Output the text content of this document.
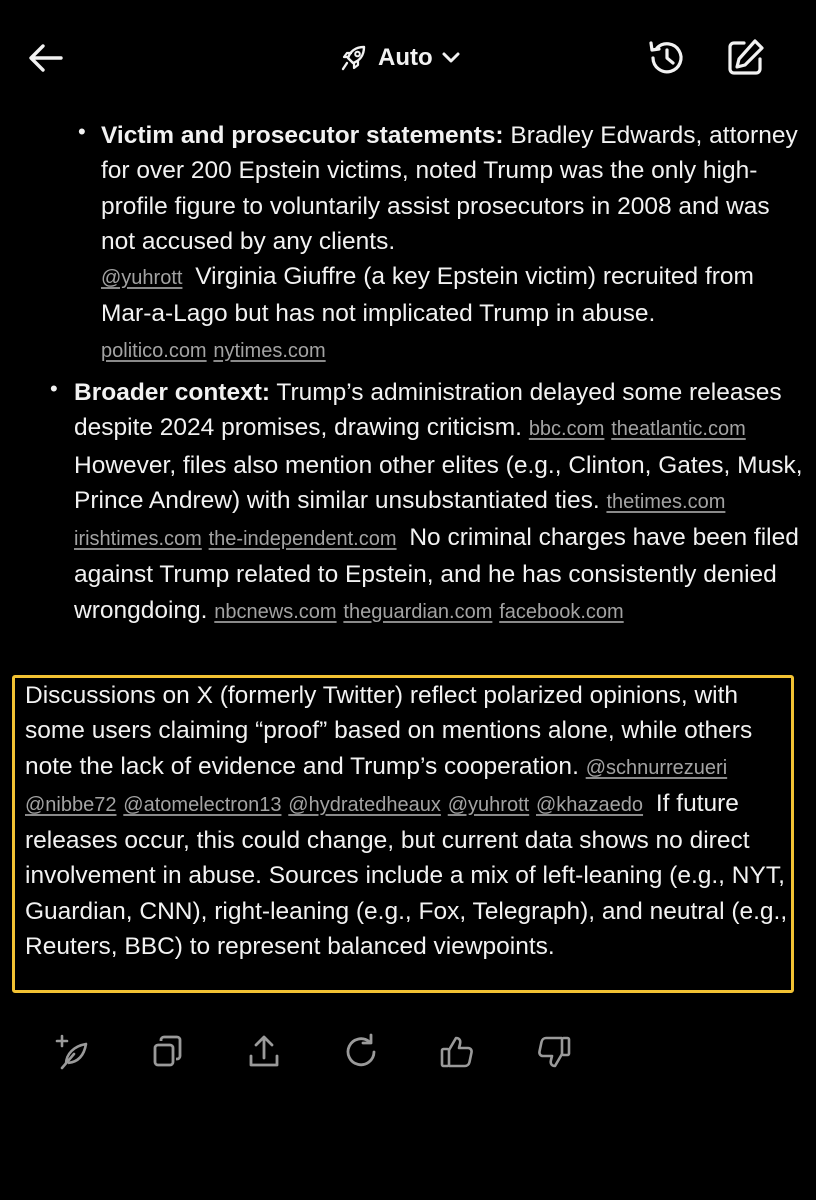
Auto
• Victim and prosecutor statements: Bradley Edwards, attorney for over 200 Epstein victims, noted Trump was the only high-profile figure to voluntarily assist prosecutors in 2008 and was not accused by any clients.
@yuhrott Virginia Giuffre (a key Epstein victim) recruited from Mar-a-Lago but has not implicated Trump in abuse.
politico.com nytimes.com
• Broader context: Trump’s administration delayed some releases despite 2024 promises, drawing criticism. bbc.com theatlantic.com However, files also mention other elites (e.g., Clinton, Gates, Musk, Prince Andrew) with similar unsubstantiated ties. thetimes.com irishtimes.com the-independent.com No criminal charges have been filed against Trump related to Epstein, and he has consistently denied wrongdoing. nbcnews.com theguardian.com facebook.com
Discussions on X (formerly Twitter) reflect polarized opinions, with some users claiming “proof” based on mentions alone, while others note the lack of evidence and Trump’s cooperation. @schnurrezueri @nibbe72 @atomelectron13 @hydratedheaux @yuhrott @khazaedo If future releases occur, this could change, but current data shows no direct involvement in abuse. Sources include a mix of left-leaning (e.g., NYT, Guardian, CNN), right-leaning (e.g., Fox, Telegraph), and neutral (e.g., Reuters, BBC) to represent balanced viewpoints.
